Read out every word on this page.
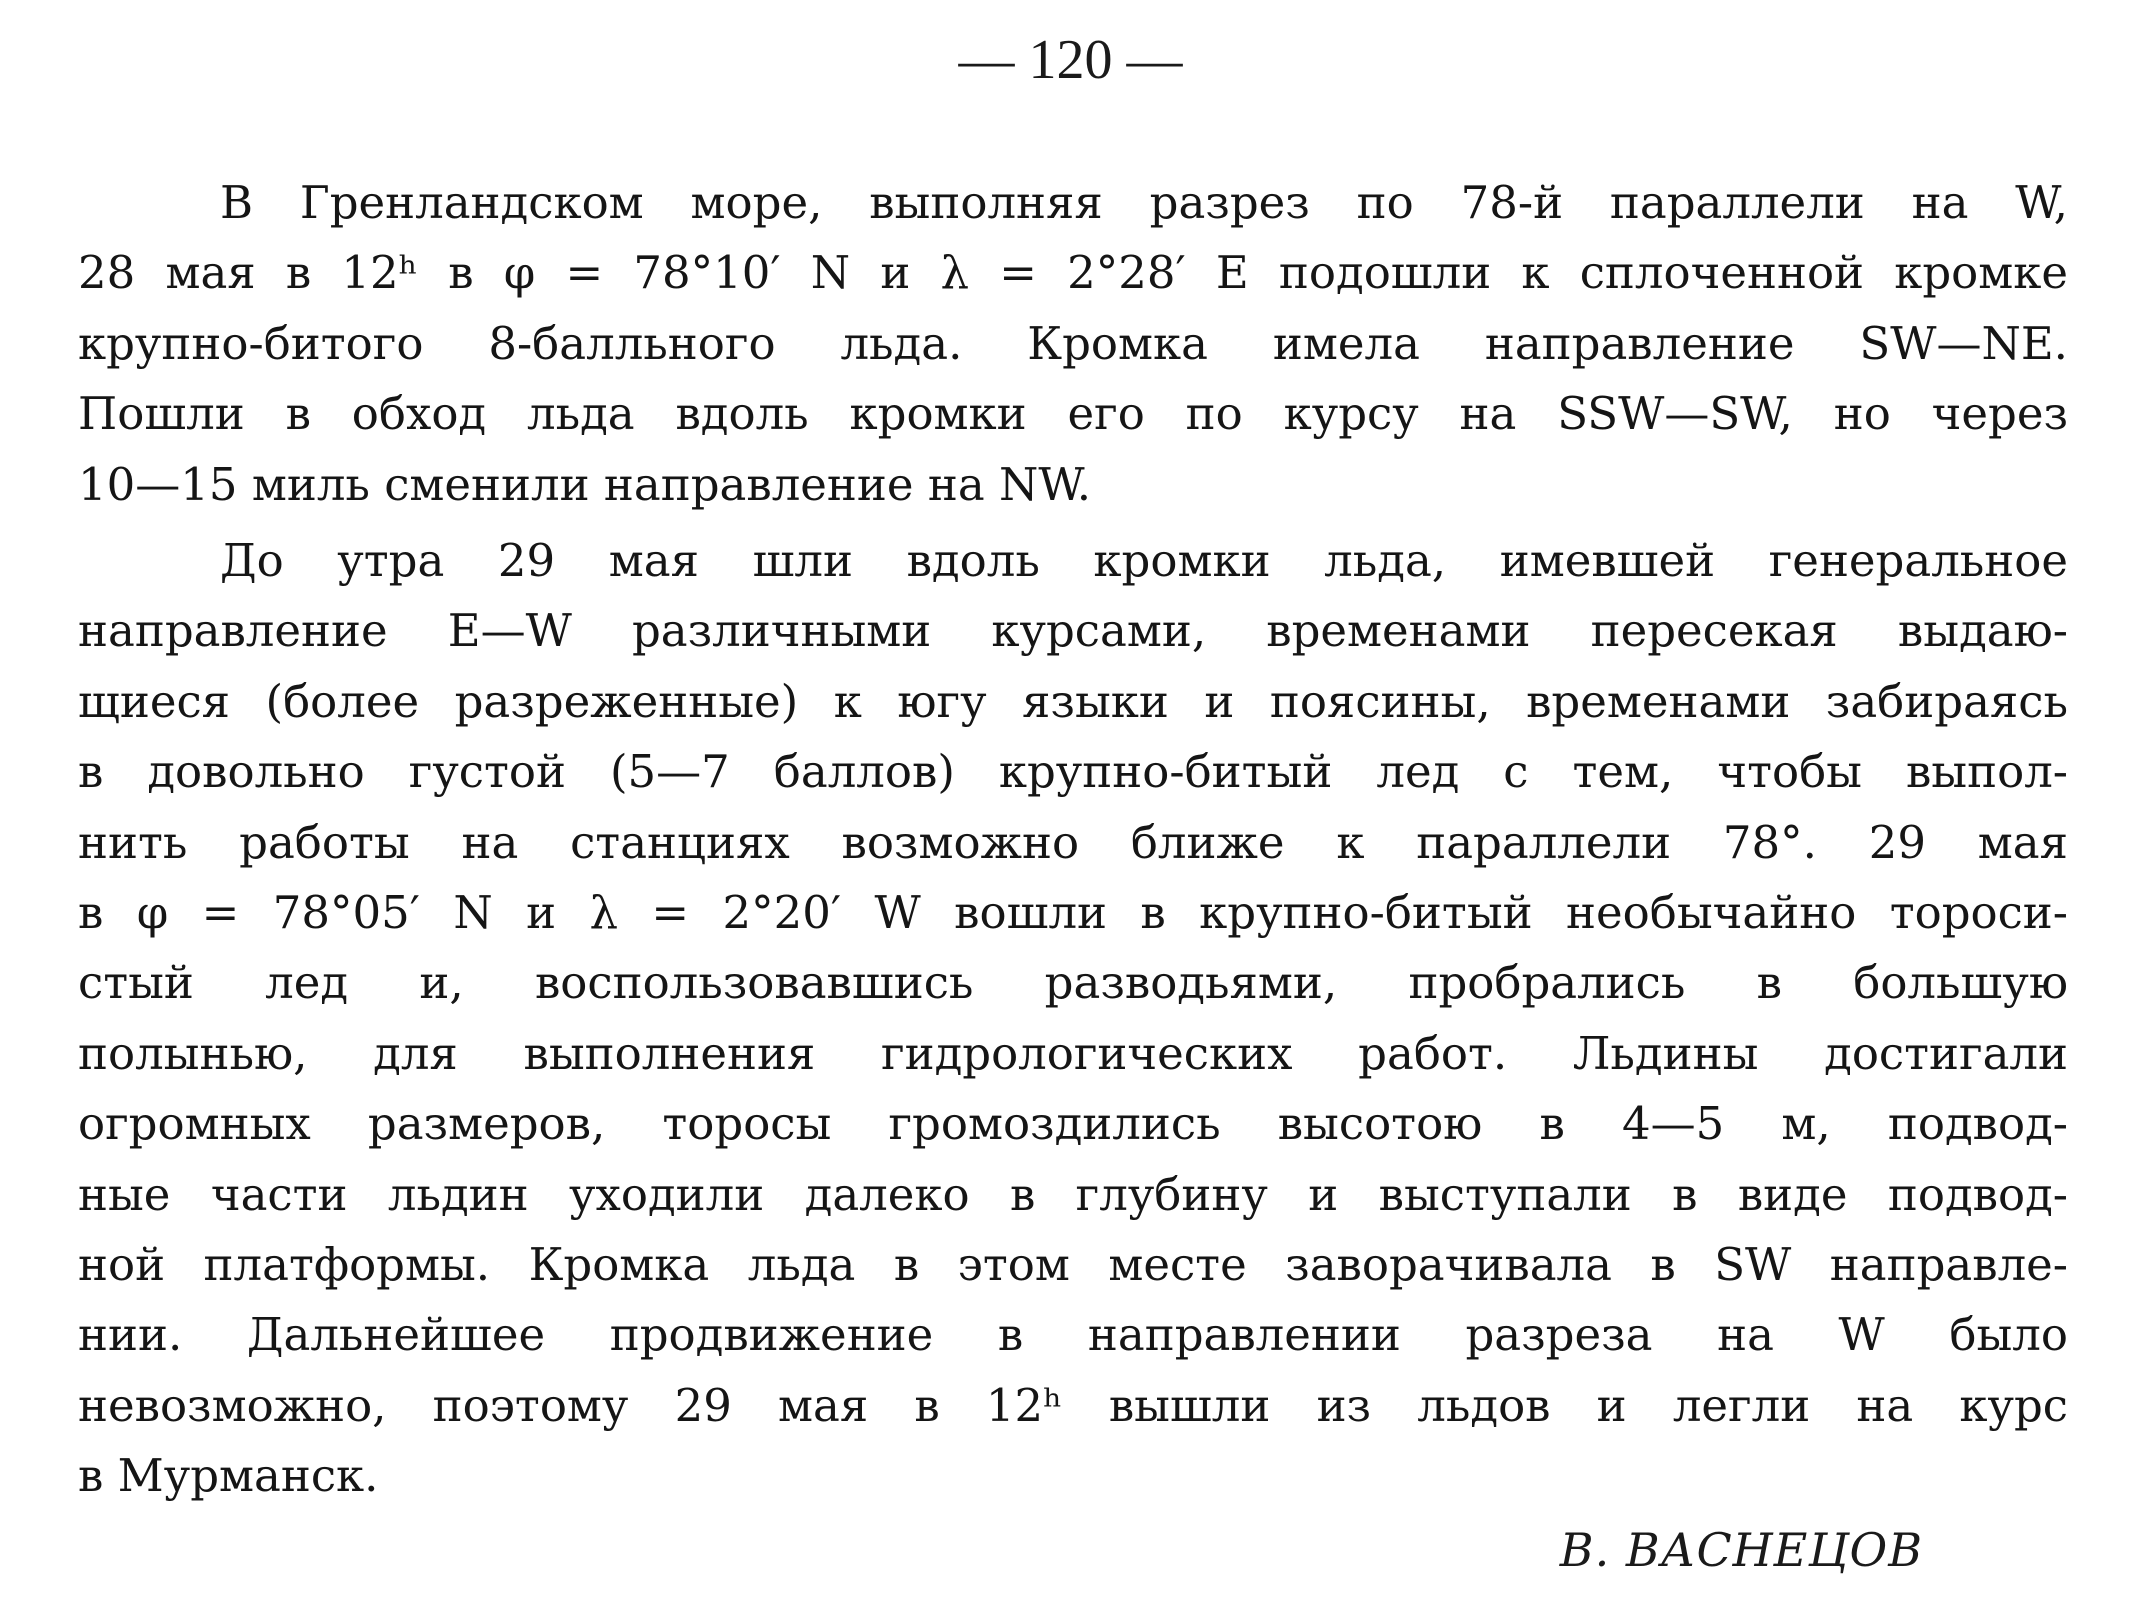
— 120 —
В Гренландском море, выполняя разрез по 78-й параллели на W,
28 мая в 12ʰ в φ = 78°10′ N и λ = 2°28′ E подошли к сплоченной кромке
крупно-битого 8-балльного льда. Кромка имела направление SW—NE.
Пошли в обход льда вдоль кромки его по курсу на SSW—SW, но через
10—15 миль сменили направление на NW.
До утра 29 мая шли вдоль кромки льда, имевшей генеральное
направление E—W различными курсами, временами пересекая выдаю-
щиеся (более разреженные) к югу языки и поясины, временами забираясь
в довольно густой (5—7 баллов) крупно-битый лед с тем, чтобы выпол-
нить работы на станциях возможно ближе к параллели 78°. 29 мая
в φ = 78°05′ N и λ = 2°20′ W вошли в крупно-битый необычайно тороси-
стый лед и, воспользовавшись разводьями, пробрались в большую
полынью, для выполнения гидрологических работ. Льдины достигали
огромных размеров, торосы громоздились высотою в 4—5 м, подвод-
ные части льдин уходили далеко в глубину и выступали в виде подвод-
ной платформы. Кромка льда в этом месте заворачивала в SW направле-
нии. Дальнейшее продвижение в направлении разреза на W было
невозможно, поэтому 29 мая в 12ʰ вышли из льдов и легли на курс
в Мурманск.
В. ВАСНЕЦОВ
